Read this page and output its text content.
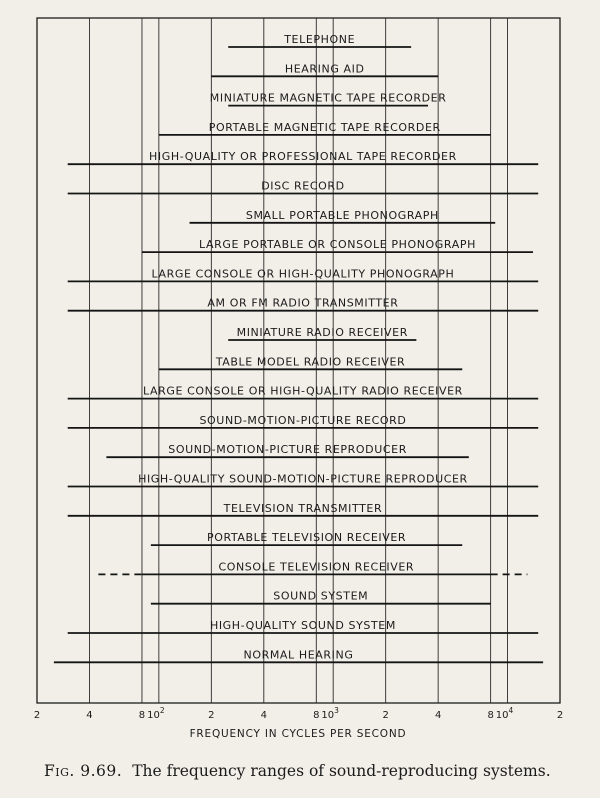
TELEPHONE
HEARING AID
MINIATURE MAGNETIC TAPE RECORDER
PORTABLE MAGNETIC TAPE RECORDER
HIGH-QUALITY OR PROFESSIONAL TAPE RECORDER
DISC RECORD
SMALL PORTABLE PHONOGRAPH
LARGE PORTABLE OR CONSOLE PHONOGRAPH
LARGE CONSOLE OR HIGH-QUALITY PHONOGRAPH
AM OR FM RADIO TRANSMITTER
MINIATURE RADIO RECEIVER
TABLE MODEL RADIO RECEIVER
LARGE CONSOLE OR HIGH-QUALITY RADIO RECEIVER
SOUND-MOTION-PICTURE RECORD
SOUND-MOTION-PICTURE REPRODUCER
HIGH-QUALITY SOUND-MOTION-PICTURE REPRODUCER
TELEVISION TRANSMITTER
PORTABLE TELEVISION RECEIVER
CONSOLE TELEVISION RECEIVER
SOUND SYSTEM
HIGH-QUALITY SOUND SYSTEM
NORMAL HEARING
2	4	8 $10^2$	2	4	8 $10^3$	2	4	8 $10^4$	2
FREQUENCY IN CYCLES PER SECOND
Fig. 9.69. The frequency ranges of sound-reproducing systems.
